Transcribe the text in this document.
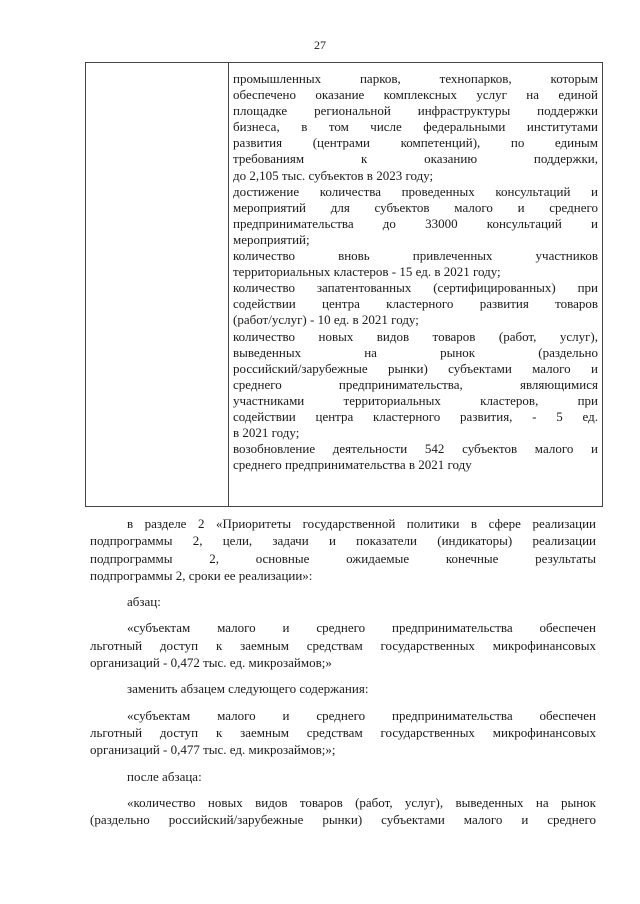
27
промышленных парков, технопарков, которым
обеспечено оказание комплексных услуг на единой
площадке региональной инфраструктуры поддержки
бизнеса, в том числе федеральными институтами
развития (центрами компетенций), по единым
требованиям к оказанию поддержки,
до 2,105 тыс. субъектов в 2023 году;
достижение количества проведенных консультаций и
мероприятий для субъектов малого и среднего
предпринимательства до 33000 консультаций и
мероприятий;
количество вновь привлеченных участников
территориальных кластеров - 15 ед. в 2021 году;
количество запатентованных (сертифицированных) при
содействии центра кластерного развития товаров
(работ/услуг) - 10 ед. в 2021 году;
количество новых видов товаров (работ, услуг),
выведенных на рынок (раздельно
российский/зарубежные рынки) субъектами малого и
среднего предпринимательства, являющимися
участниками территориальных кластеров, при
содействии центра кластерного развития, - 5 ед.
в 2021 году;
возобновление деятельности 542 субъектов малого и
среднего предпринимательства в 2021 году
в разделе 2 «Приоритеты государственной политики в сфере реализации
подпрограммы 2, цели, задачи и показатели (индикаторы) реализации
подпрограммы 2, основные ожидаемые конечные результаты
подпрограммы 2, сроки ее реализации»:
абзац:
«субъектам малого и среднего предпринимательства обеспечен
льготный доступ к заемным средствам государственных микрофинансовых
организаций - 0,472 тыс. ед. микрозаймов;»
заменить абзацем следующего содержания:
«субъектам малого и среднего предпринимательства обеспечен
льготный доступ к заемным средствам государственных микрофинансовых
организаций - 0,477 тыс. ед. микрозаймов;»;
после абзаца:
«количество новых видов товаров (работ, услуг), выведенных на рынок
(раздельно российский/зарубежные рынки) субъектами малого и среднего
